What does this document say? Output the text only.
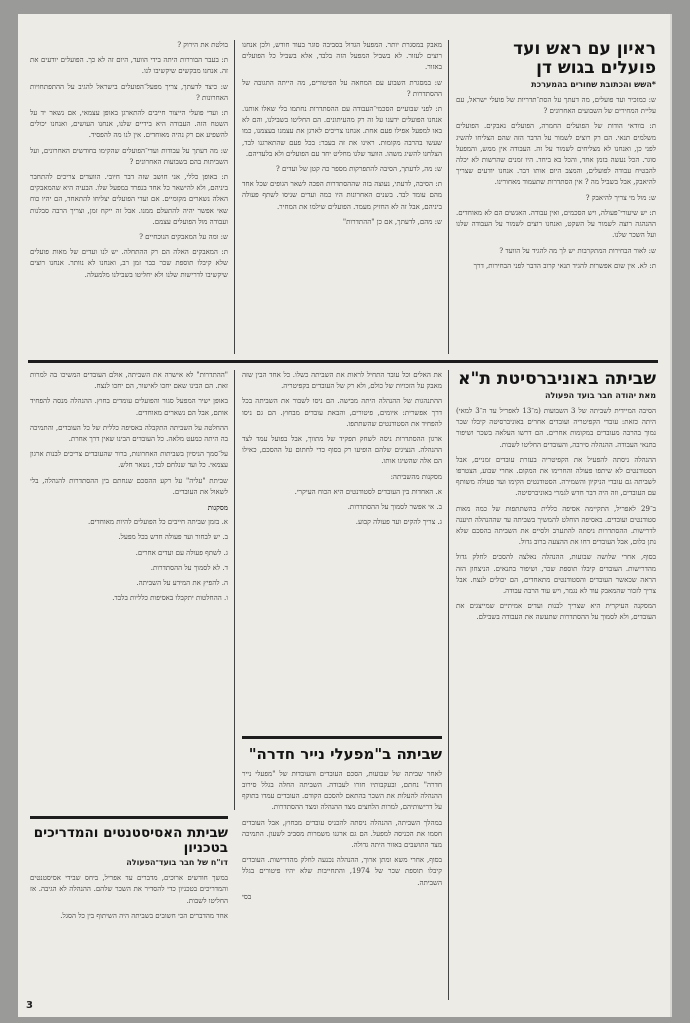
ראיון עם ראש ועד פועלים בגוש דן
*השש והכתובת שחורים בהמערכת

ש: כמזכיר ועד פועלים, מה דעתך על הסת־תדריות של פועלי ישראל, עם עליית המחירים של השבועים האחרונים ?

ת: בוודאי הודות של הפועלים החמרה, הפועלים נאבקים. הפועלים משלמים תנאי. הם רק רוצים לשמור על הדבר הזה שהם הצליחו להשיג לפני כן, ואנחנו לא מצליחים לשמור על זה. העבודה אין ממש, והמפעל סוגר. הכל נעשה בזמן אחד, והכל בא ביחד. היו זמנים שהרשות לא יכלה להבטיח עבודה לפועלים, והמצב היום אותו דבר. אנחנו יודעים שצריך להיאבק, אבל בשביל מה ? אין הסתדרות שתעמוד מאחורינו.

ש: מול מי צריך להיאבק ?

ת: יש שיעורי־פעולה, ויש הסכמים, ואין עבודה. האנשים הם לא מאוחדים. ההנהגה רוצה לשמור על השקט, ואנחנו רוצים לשמור על העבודה שלנו ועל השכר שלנו.

ש: לאור הבחירות המתקרבות יש לך מה להגיד על הוועד ?

ת: לא. אין שום אפשרות להגיד תנאי קרוב הדבר לפני הבחירות, דרך

מאבק במסגרת יותר. המפעל הגדול בסביבה סוגר בעוד חודש, ולכן אנחנו רוצים לעזור. לא בשביל המפעל הזה בלבד, אלא בשביל כל הפועלים באזור.

ש: במסגרת השבוע עם המחאה על הפיטורים, מה הייתה התגובה של ההסתדרות ?

ת: לפני שבועיים הסכמי־העבודה עם ההסתדרות נחתמו בלי שאלו אותנו. אנחנו הפועלים ידענו על זה רק מהעיתונים. הם החליטו בשבילנו, והם לא באו למפעל אפילו פעם אחת. אנחנו צריכים לארגן את עצמנו בעצמנו, כמו שעשו בהרבה מקומות. ראינו את זה בעבר: בכל פעם שהתארגנו לבד, הצלחנו להשיג משהו. הוועד שלנו מחליט יחד עם הפועלים ולא בלעדיהם.

ש: מה, לדעתך, הסיבה להתפרקות מספר כה קטן של ועדים ?

ת: הסיבה, לדעתי, נעוצה בזה שההסתדרות הפכה לשאר הגופים שכל אחד מהם עומד לבד. בשנים האחרונות היו כמה ועדים שניסו לשתף פעולה ביניהם, אבל זה לא החזיק מעמד. הפועלים שילמו את המחיר.

ש: מהם, לדעתך, אם כן "ההתדרות"

בולטת את הירוק ?

ת: בעבר הבוררות היתה בידי הוועד, היום זה לא כך. הפועלים יודעים את זה. אנחנו מבקשים שיקשיבו לנו.

ש: כיצד לדעתך, צריך מפעל־הפועלים בישראל להגיב על ההתפתחויות האחרונות ?

ת: ועדי פועלי הייצור חייבים להתארגן באופן עצמאי, אם נשאר יד על השטח הזה. העבודה היא בידיים שלנו, אנחנו העושים, ואנחנו יכולים להשפיע אם רק נהיה מאוחדים. אין לנו מה להפסיד.

ש: מה דעתך על עבודות ועדי־הפועלים שהקימו בחודשים האחרונים, ועל השביתות בהם בשבועות האחרונים ?

ת: באופן כללי, אני חושב שזה דבר חיובי. הוועדים צריכים להתחבר ביניהם, ולא להישאר כל אחד בנפרד במפעל שלו. הבעיה היא שהמאבקים האלה נשארים מקומיים. אם ועדי הפועלים יצליחו להתאחד, הם יהיו כוח שאי אפשר יהיה להתעלם ממנו. אבל זה ייקח זמן, וצריך הרבה סבלנות ועבודה מול הפועלים עצמם.

ש: ומה על המאבקים הנוכחיים ?

ת: המאבקים האלה הם רק ההתחלה. יש לנו ועדים של מאות פועלים שלא קיבלו תוספת שכר כבר זמן רב, ואנחנו לא נוותר. אנחנו רוצים שיקשיבו לדרישות שלנו ולא יחליטו בשבילנו מלמעלה.

שביתה באוניברסיטת ת"א
מאת יהודה חבר בועד הפעולה

הסיבה המיידית לשביתה של 3 השבועות (מ־13 לאפריל עד ה־3 למאי) היתה כזאת: עובדי הקפיטריה ועובדים אחרים באוניברסיטה קיבלו שכר נמוך בהרבה מעובדים במקומות אחרים. הם דרשו העלאה בשכר ושיפור בתנאי העבודה. ההנהלה סירבה, והעובדים החליטו לשבות.

ההנהלה ניסתה להפעיל את הקפיטריה בעזרת עובדים זמניים, אבל הסטודנטים לא שיתפו פעולה והחרימו את המקום. אחרי שבוע, הצטרפו לשביתה גם עובדי הניקיון והשמירה. הסטודנטים הקימו ועד פעולה משותף עם העובדים, וזה היה דבר חדש לגמרי באוניברסיטה.

ב־29 לאפריל, התקיימה אסיפה כללית בהשתתפות של כמה מאות סטודנטים ועובדים. באסיפה הוחלט להמשיך בשביתה עד שההנהלה תיענה לדרישות. ההסתדרות ניסתה להתערב ולסיים את השביתה בהסכם שלא נתן כלום, אבל העובדים דחו את ההצעה ברוב גדול.

בסוף, אחרי שלושה שבועות, ההנהלה נאלצה להסכים לחלק גדול מהדרישות. העובדים קיבלו תוספת שכר, ושיפור בתנאים. הניצחון הזה הראה שכאשר העובדים והסטודנטים מתאחדים, הם יכולים לנצח. אבל צריך לזכור שהמאבק עוד לא נגמר, ויש עוד הרבה עבודה.

המסקנה העיקרית היא שצריך לבנות ועדים אמיתיים שמייצגים את העובדים, ולא לסמוך על ההסתדרות שתעשה את העבודה בשבילם.

את האלים וכל עובד התחיל לראות את השביתה כשלו. כל אחד הבין שזה מאבק על הזכויות של כולם, ולא רק של העובדים בקפיטריה.

ההתנהגות של ההנהלה היתה מבישה. הם ניסו לשבור את השביתה בכל דרך אפשרית: איומים, פיטורים, והבאת עובדים מבחוץ. הם גם ניסו להפחיד את הסטודנטים שהשתתפו.

ארגון ההסתדרות ניסה לשחק תפקיד של מתווך, אבל בפועל עמד לצד ההנהלה. הנציגים שלהם הופיעו רק בסוף כדי לחתום על ההסכם, כאילו הם אלה שהשיגו אותו.

מסקנות מהשביתה:

א. האחדות בין העובדים לסטודנטים היא הכוח העיקרי.

ב. אי אפשר לסמוך על ההסתדרות.

ג. צריך להקים ועד פעולה קבוע.

"ההתדרות" לא אישרה את השביתה, אולם העובדים המשיכו בה למרות זאת. הם הבינו שאם יחכו לאישור, הם יחכו לנצח.

באופן ישיר המפעל סגור והפועלים עומדים בחוץ. ההנהלה מנסה להפחיד אותם, אבל הם נשארים מאוחדים.

ההחלטה על השביתה התקבלה באסיפה כללית של כל העובדים, והתמיכה בה היתה כמעט מלאה. כל העובדים הבינו שאין דרך אחרת.

על־סמך הניסיון בשביתות האחרונות, ברור שהעובדים צריכים לבנות ארגון עצמאי. כל ועד שנלחם לבד, נשאר חלש.

שביתת "עליה" על רקע ההסכם שנחתם בין ההסתדרות להנהלה, בלי לשאול את העובדים.

מסקנות

א. בזמן שביתה חייבים כל הפועלים להיות מאוחדים.

ב. יש לבחור ועד פעולה חדש בכל מפעל.

ג. לשתף פעולה עם ועדים אחרים.

ד. לא לסמוך על ההסתדרות.

ה. להפיץ את המידע על השביתה.

ו. ההחלטות יתקבלו באסיפות כלליות בלבד.

שביתה ב"מפעלי נייר חדרה"

לאחר שביתה של שבועות, הסכם העובדים והעובדות של "מפעלי נייר חדרה" נחתם, ובעקבותיו חזרו לעבודה. השביתה החלה בגלל סירוב ההנהלה להעלות את השכר בהתאם להסכם הקודם. העובדים עמדו בתוקף על דרישותיהם, למרות הלחצים מצד ההנהלה ומצד ההסתדרות.

במהלך השביתה, ההנהלה ניסתה להכניס עובדים מבחוץ, אבל העובדים חסמו את הכניסה למפעל. הם גם ארגנו משמרות מסביב לשעון. התמיכה מצד התושבים באזור היתה גדולה.

בסוף, אחרי משא ומתן ארוך, ההנהלה נכנעה לחלק מהדרישות. העובדים קיבלו תוספת שכר של 1974, והתחייבות שלא יהיו פיטורים בגלל השביתה.

בסי
שביתת האסיסטנטים והמדריכים בטכניון
דו"ח של חבר בועד־הפעולה

במשך חודשים ארוכים, מדברים עד אפריל, ביחס שבידי אסיסטנטים והמדריכים בטכניון כדי להסדיר את השכר שלהם. ההנהלה לא הגיבה. אז החליטו לשבות.

אחד מהדברים הכי חשובים בשביתה היה השיתוף בין כל הסגל.

3
